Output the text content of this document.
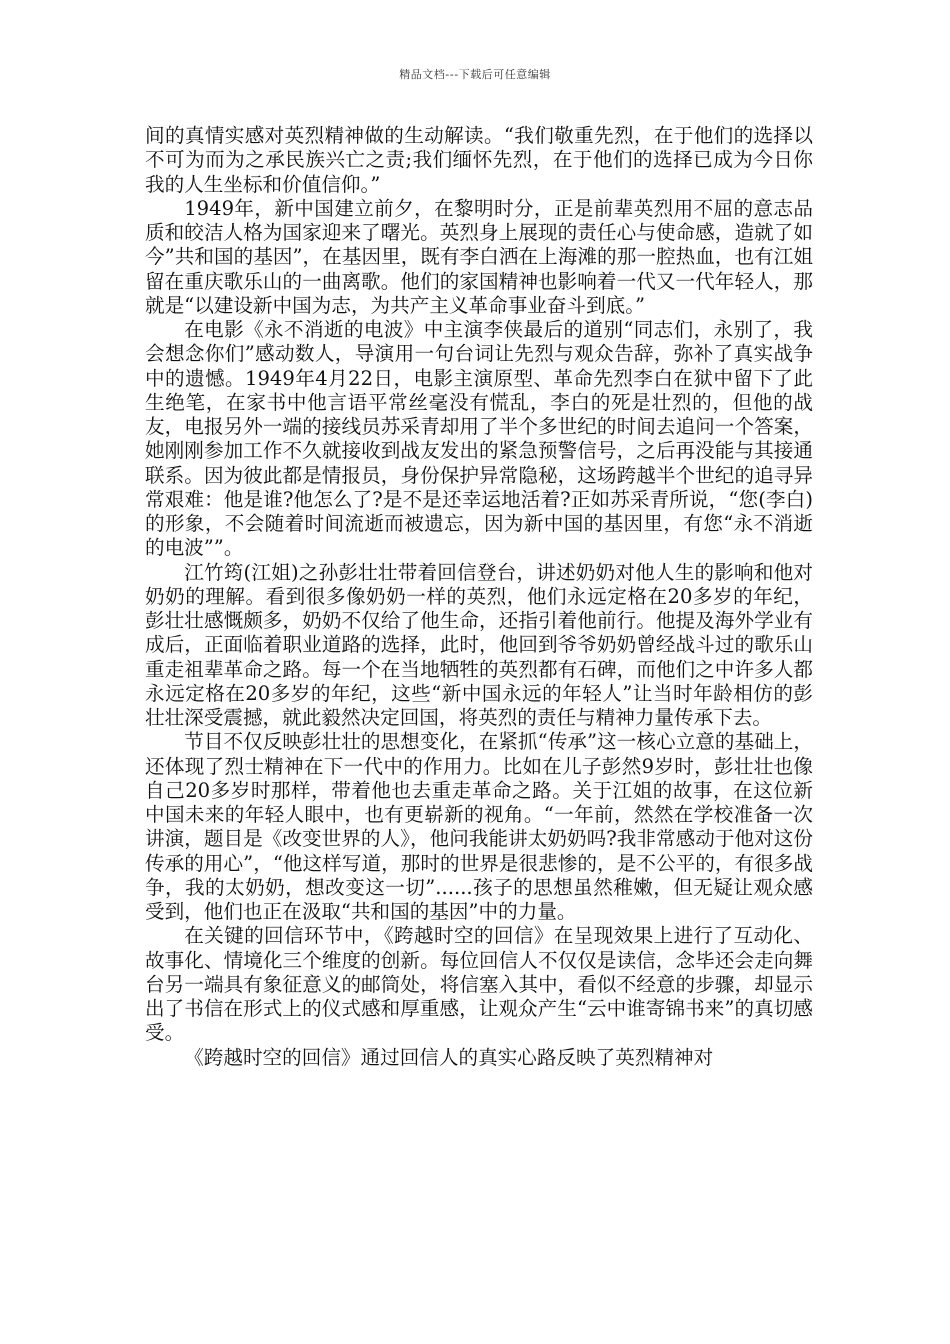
精品文档---下载后可任意编辑

间的真情实感对英烈精神做的生动解读。“我们敬重先烈，在于他们的选择以不可为而为之承民族兴亡之责;我们缅怀先烈，在于他们的选择已成为今日你我的人生坐标和价值信仰。”

1949年，新中国建立前夕，在黎明时分，正是前辈英烈用不屈的意志品质和皎洁人格为国家迎来了曙光。英烈身上展现的责任心与使命感，造就了如今”共和国的基因”，在基因里，既有李白洒在上海滩的那一腔热血，也有江姐留在重庆歌乐山的一曲离歌。他们的家国精神也影响着一代又一代年轻人，那就是“以建设新中国为志，为共产主义革命事业奋斗到底。”

在电影《永不消逝的电波》中主演李侠最后的道别“同志们，永别了，我会想念你们”感动数人，导演用一句台词让先烈与观众告辞，弥补了真实战争中的遗憾。1949年4月22日，电影主演原型、革命先烈李白在狱中留下了此生绝笔，在家书中他言语平常丝毫没有慌乱，李白的死是壮烈的，但他的战友，电报另外一端的接线员苏采青却用了半个多世纪的时间去追问一个答案，她刚刚参加工作不久就接收到战友发出的紧急预警信号，之后再没能与其接通联系。因为彼此都是情报员，身份保护异常隐秘，这场跨越半个世纪的追寻异常艰难：他是谁?他怎么了?是不是还幸运地活着?正如苏采青所说，“您(李白)的形象，不会随着时间流逝而被遗忘，因为新中国的基因里，有您“永不消逝的电波””。

江竹筠(江姐)之孙彭壮壮带着回信登台，讲述奶奶对他人生的影响和他对奶奶的理解。看到很多像奶奶一样的英烈，他们永远定格在20多岁的年纪，彭壮壮感慨颇多，奶奶不仅给了他生命，还指引着他前行。他提及海外学业有成后，正面临着职业道路的选择，此时，他回到爷爷奶奶曾经战斗过的歌乐山重走祖辈革命之路。每一个在当地牺牲的英烈都有石碑，而他们之中许多人都永远定格在20多岁的年纪，这些“新中国永远的年轻人”让当时年龄相仿的彭壮壮深受震撼，就此毅然决定回国，将英烈的责任与精神力量传承下去。

节目不仅反映彭壮壮的思想变化，在紧抓“传承”这一核心立意的基础上，还体现了烈士精神在下一代中的作用力。比如在儿子彭然9岁时，彭壮壮也像自己20多岁时那样，带着他也去重走革命之路。关于江姐的故事，在这位新中国未来的年轻人眼中，也有更崭新的视角。“一年前，然然在学校准备一次讲演，题目是《改变世界的人》，他问我能讲太奶奶吗?我非常感动于他对这份传承的用心”，“他这样写道，那时的世界是很悲惨的，是不公平的，有很多战争，我的太奶奶，想改变这一切”......孩子的思想虽然稚嫩，但无疑让观众感受到，他们也正在汲取“共和国的基因”中的力量。

在关键的回信环节中，《跨越时空的回信》在呈现效果上进行了互动化、故事化、情境化三个维度的创新。每位回信人不仅仅是读信，念毕还会走向舞台另一端具有象征意义的邮筒处，将信塞入其中，看似不经意的步骤，却显示出了书信在形式上的仪式感和厚重感，让观众产生“云中谁寄锦书来”的真切感受。

《跨越时空的回信》通过回信人的真实心路反映了英烈精神对
